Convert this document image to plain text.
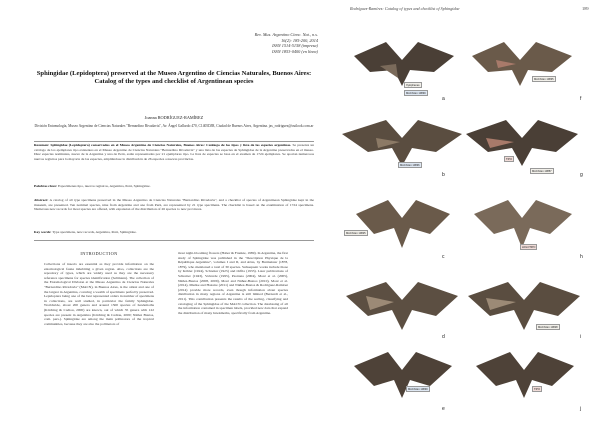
Rodríguez-Ramírez: Catalog of types and checklist of Sphingidae	189
Rev. Mus. Argentino Cienc. Nat., n.s.
16(2): 185-200, 2014
ISSN 1514-5158 (impresa)
ISSN 1853-0400 (en línea)
Sphingidae (Lepidoptera) preserved at the Museo Argentino de Ciencias Naturales, Buenos Aires: Catalog of the types and checklist of Argentinean species
Joanna RODRÍGUEZ-RAMÍREZ
División Entomología, Museo Argentino de Ciencias Naturales "Bernardino Rivadavia", Av. Ángel Gallardo 470, C1405DJR, Ciudad de Buenos Aires, Argentina. jas_rodriguez@outlook.com.ar
Resumen: Sphingidae (Lepidoptera) conservados en el Museo Argentino de Ciencias Naturales, Buenos Aires: Catálogo de los tipos y lista de las especies argentinas. Se presenta un catálogo de los ejemplares tipo existentes en el Museo Argentino de Ciencias Naturales "Bernardino Rivadavia" y una lista de las especies de Sphingidae de la Argentina preservadas en el museo. Diez especies nominales, nueve de la Argentina y una de Perú, están representadas por 21 ejemplares tipo. La lista de especies se basa en el examen de 1724 ejemplares. Se aportan numerosos nuevos registros para la mayoría de las especies, ampliándose la distribución de 26 especies a nuevas provincias.
Palabras clave: Especímenes tipo, nuevos registros, Argentina, Perú, Sphingidae.
Abstract: A catalog of all type specimens preserved in the Museo Argentino de Ciencias Naturales "Bernardino Rivadavia", and a checklist of species of Argentinean Sphingidae kept in the museum, are presented. Ten nominal species, nine from Argentina and one from Perú, are represented by 21 type specimens. The checklist is based on the examination of 1724 specimens. Numerous new records for most species are offered, with expansion of the distribution of 26 species to new provinces.
Key words: Type specimens, new records, Argentina, Perú, Sphingidae.
INTRODUCTION
Collections of insects are essential as they provide information on the entomological fauna inhabiting a given region. Also, collections are the repository of types, which are widely used as they are the necessary reference specimens for species identification (Seltmann). The collection of the Entomological Division at the Museo Argentino de Ciencias Naturales "Bernardino Rivadavia" (MACN), in Buenos Aires, is the oldest and one of the largest in Argentina, covering a wealth of specimens perfectly preserved. Lepidoptera being one of the best represented orders in number of specimens in collections, are well studied, in particular the family Sphingidae. Worldwide, about 200 genera and around 1500 species of hawkmoths (Kitching & Cadiou, 2000) are known, out of which 35 genera with 122 species are present in Argentina (Kitching & Cadiou, 2000; Núñez Bustos, com. pers.). Sphingidae are among the main pollinators of the tropical communities, because they are also the pollinators of
most night-blooming flowers (Haber & Frankie, 1989). In Argentina, the first study of Sphingidae was published in the "Description Physique de la République Argentine", volumes I and II, and Atlas, by Burmeister (1878, 1879), who mentioned a total of 30 species. Subsequent works include those by Köhler (1924), Schreiter (1925) and Orfila (1933). Later publications of Schreiter (1943), Valverde (1995), Pastrana (2004), Moré et al. (2005), Núñez-Bustos (2008, 2009), Moré and Núñez-Bustos (2010), Moré et al. (2014), Mielke and Haxaire (2011) and Núñez-Bustos & Rodríguez-Ramírez (2014) provide more records, even though information about species distribution in many regions of Argentina is still limited (Bernardi et al., 2011). This contribution presents the results of the sorting, classifying and cataloging of the Sphingidae of the MACN collection. The databasing of all the information contained in specimen labels, provided new data that expand the distribution of many hawkmoths, specifically from Argentina.
Xylophanes
MACN-En 10839
MACN-En 10835
MACN-En 10836
TIPO
MACN-En 10857
MACN-En 10825
HOLOTIPO
MACN-En 10828
MACN-En 10839	TIPO
a
b
c
d
e
f
g
h
i
j
